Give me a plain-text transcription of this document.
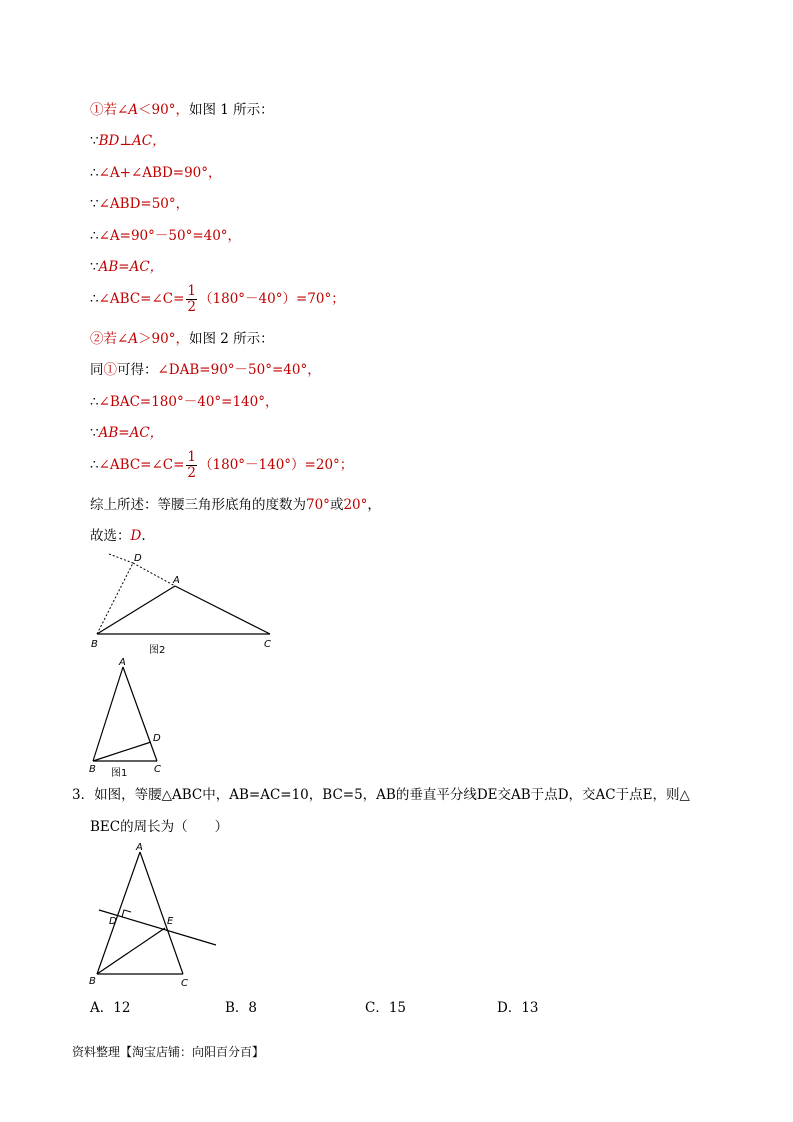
①若∠A＜90°，如图 1 所示：
∵BD⊥AC，
∴∠A+∠ABD=90°，
∵∠ABD=50°，
∴∠A=90°－50°=40°，
∵AB=AC，
∴∠ABC=∠C= $\frac{1}{2} (180^\circ-40^\circ)=70^\circ$；
②若∠A＞90°，如图 2 所示：
同①可得：∠DAB=90°－50°=40°，
∴∠BAC=180°－40°=140°，
∵AB=AC，
∴∠ABC=∠C= $\frac{1}{2} (180^\circ-140^\circ)=20^\circ$；
综上所述：等腰三角形底角的度数为70°或20°，
故选：D.
D
A
B	C
图2
A
D
B	C
图1
3．如图，等腰△ABC中，AB=AC=10，BC=5，AB的垂直平分线DE交AB于点D，交AC于点E，则△
BEC的周长为（　　）
A
D	E
B	C
A．12	B．8	C．15	D．13
资料整理【淘宝店铺：向阳百分百】
